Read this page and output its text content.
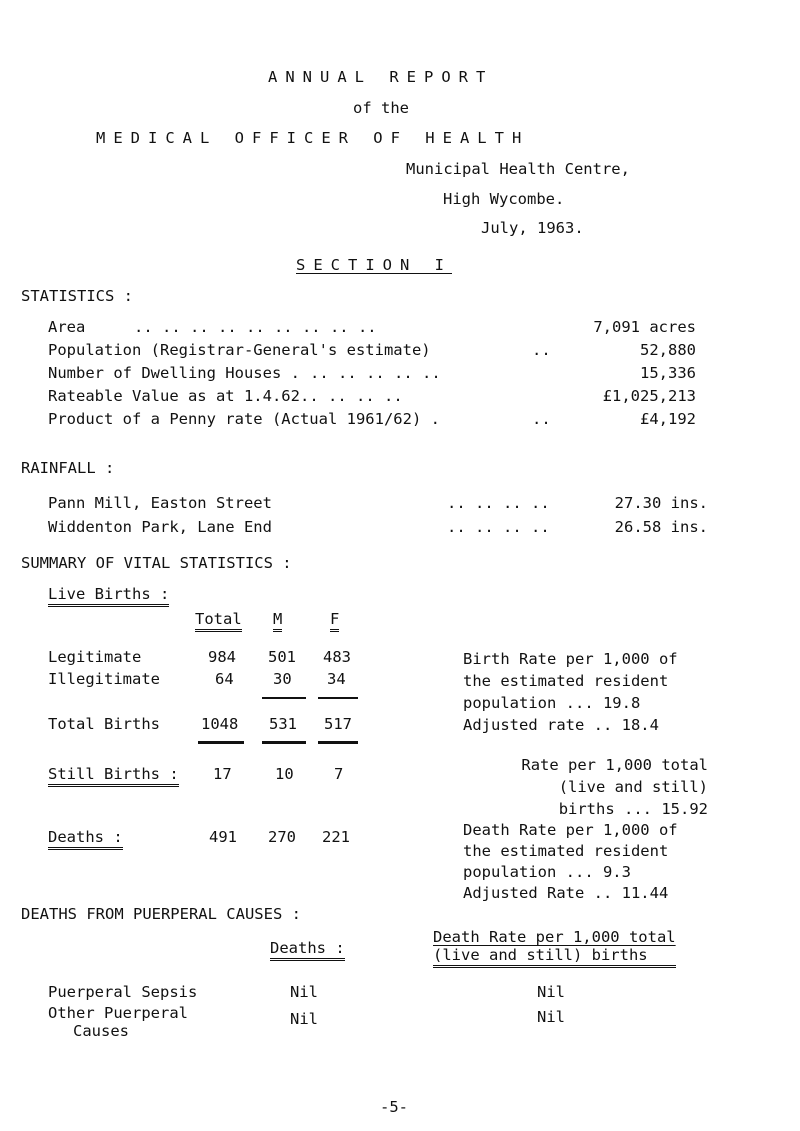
ANNUAL REPORT
of the
MEDICAL OFFICER OF HEALTH
Municipal Health Centre,
High Wycombe.
July, 1963.
SECTION I
STATISTICS :
Area	.. .. .. .. .. .. .. .. ..	7,091 acres
Population (Registrar-General's estimate)	..	52,880
Number of Dwelling Houses . .. .. .. .. ..	15,336
Rateable Value as at 1.4.62 .. .. .. ..	£1,025,213
Product of a Penny rate (Actual 1961/62) .	..	£4,192
RAINFALL :
Pann Mill, Easton Street	.. .. .. ..	27.30 ins.
Widdenton Park, Lane End	.. .. .. ..	26.58 ins.
SUMMARY OF VITAL STATISTICS :
Live Births :
Total M	F
Legitimate	984 501 483
Illegitimate	64	30 34
Total Births	1048 531 517
Still Births : 17	10	7
Deaths :	491 270 221
Birth Rate per 1,000 of
the estimated resident
population ... 19.8
Adjusted rate .. 18.4
Rate per 1,000 total
(live and still)
births ... 15.92
Death Rate per 1,000 of
the estimated resident
population ... 9.3
Adjusted Rate .. 11.44
DEATHS FROM PUERPERAL CAUSES :
Deaths :
Death Rate per 1,000 total
(live and still) births
Puerperal Sepsis	Nil	Nil
Other Puerperal
Causes
Nil	Nil
-5-
